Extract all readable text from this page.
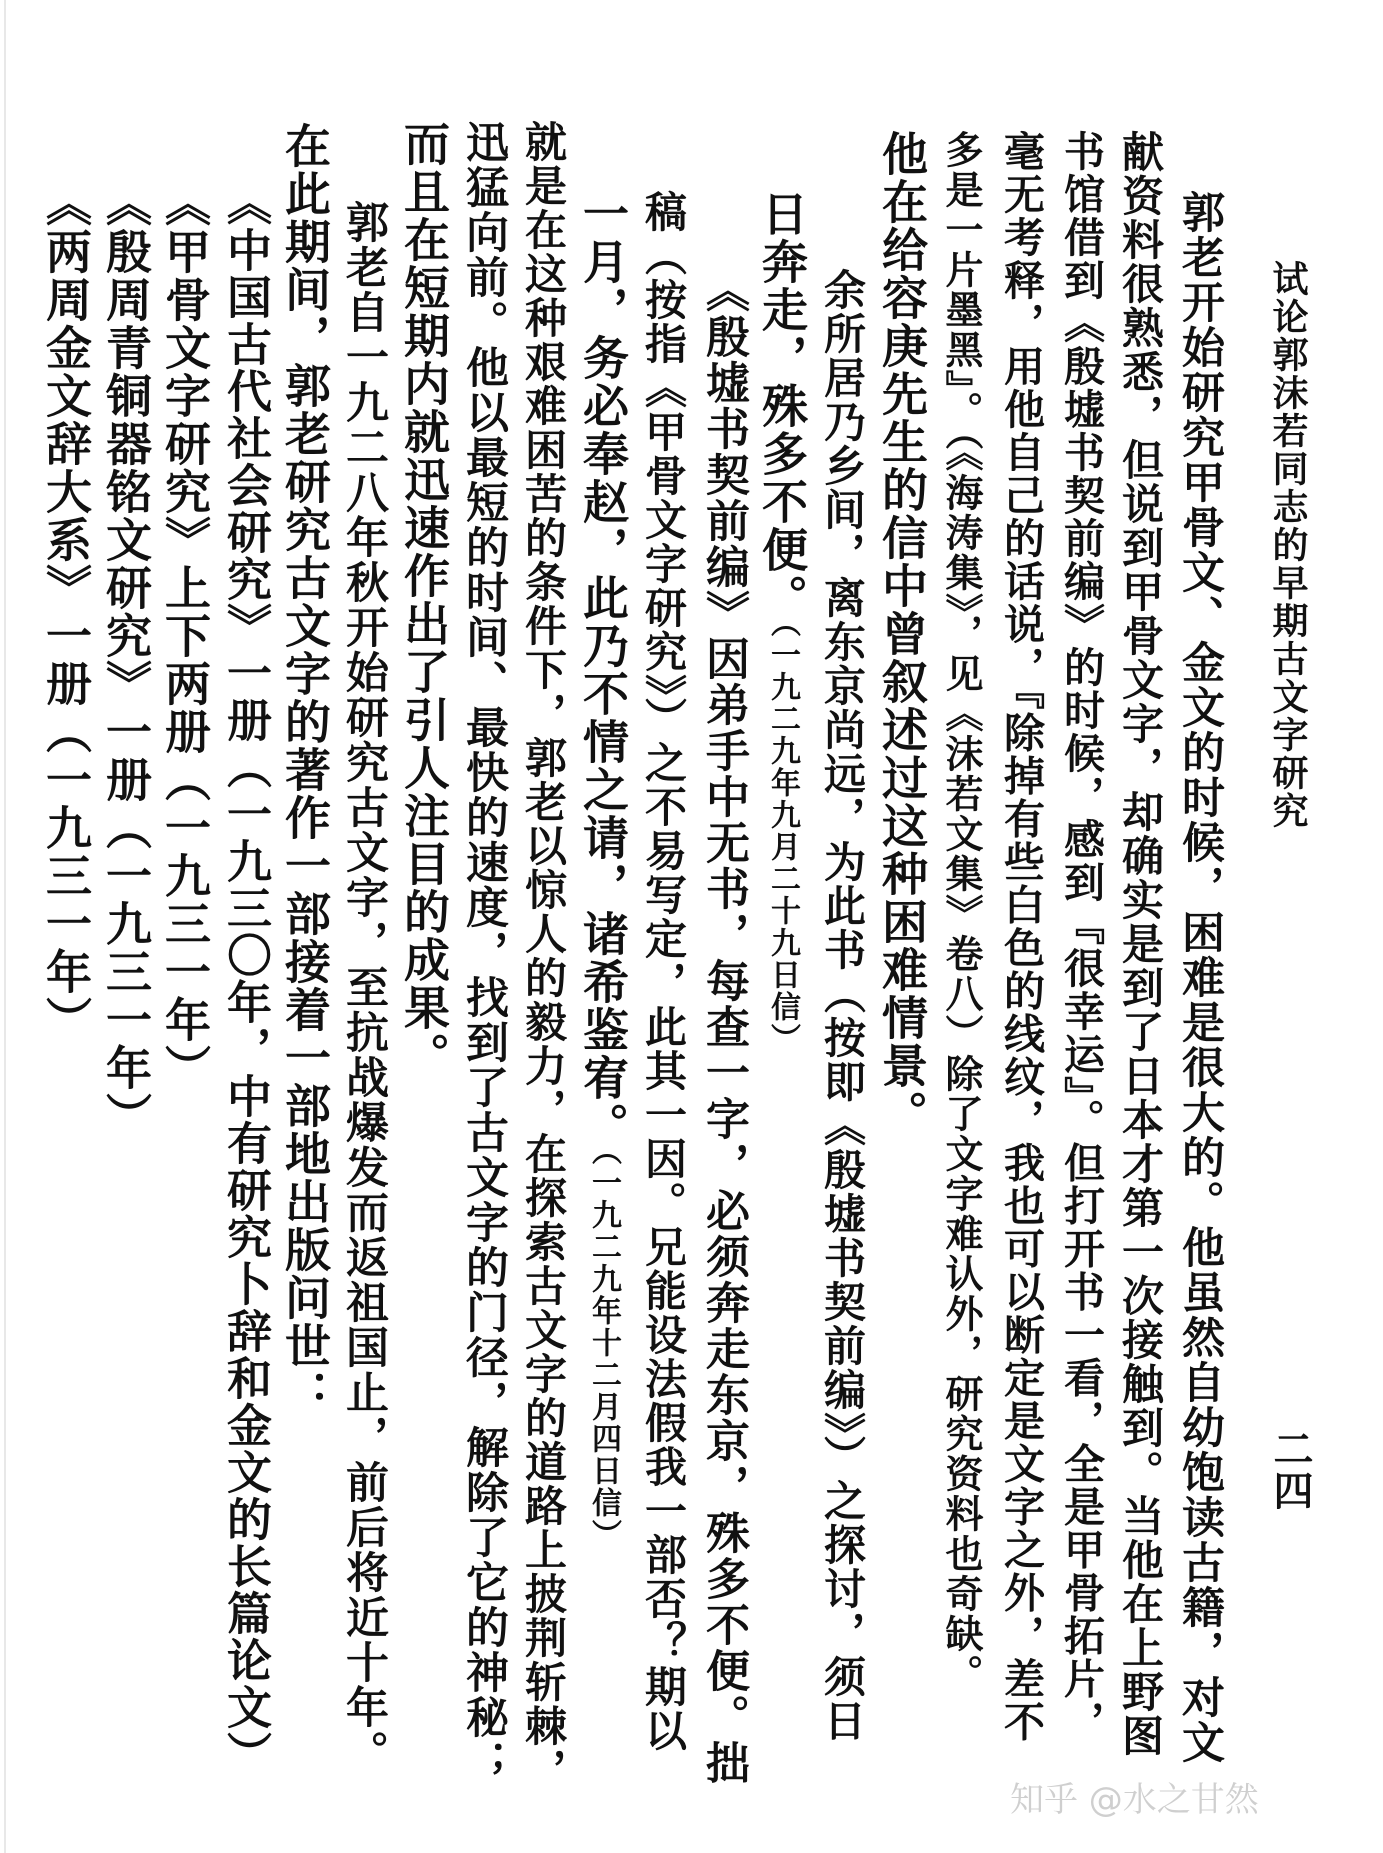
试论郭沫若同志的早期古文字研究
二四
郭老开始研究甲骨文、金文的时候，困难是很大的。他虽然自幼饱读古籍，对文
献资料很熟悉，但说到甲骨文字，却确实是到了日本才第一次接触到。当他在上野图
书馆借到《殷墟书契前编》的时候，感到『很幸运』。但打开书一看，全是甲骨拓片，
毫无考释，用他自己的话说，『除掉有些白色的线纹，我也可以断定是文字之外，差不
多是一片墨黑』。（《海涛集》，见《沫若文集》卷八）除了文字难认外，研究资料也奇缺。
他在给容庚先生的信中曾叙述过这种困难情景。
余所居乃乡间，离东京尚远，为此书（按即《殷墟书契前编》）之探讨，须日
日奔走，殊多不便。（一九二九年九月二十九日信）
《殷墟书契前编》因弟手中无书，每查一字，必须奔走东京，殊多不便。拙
稿（按指《甲骨文字研究》）之不易写定，此其一因。兄能设法假我一部否？期以
一月，务必奉赵，此乃不情之请，诸希鉴宥。（一九二九年十二月四日信）
就是在这种艰难困苦的条件下，郭老以惊人的毅力，在探索古文字的道路上披荆斩棘，
迅猛向前。他以最短的时间、最快的速度，找到了古文字的门径，解除了它的神秘；
而且在短期内就迅速作出了引人注目的成果。
郭老自一九二八年秋开始研究古文字，至抗战爆发而返祖国止，前后将近十年。
在此期间，郭老研究古文字的著作一部接着一部地出版问世：
《中国古代社会研究》一册（一九三〇年，中有研究卜辞和金文的长篇论文）
《甲骨文字研究》上下两册（一九三一年）
《殷周青铜器铭文研究》一册（一九三一年）
《两周金文辞大系》一册（一九三一年）
知乎 @水之甘然
